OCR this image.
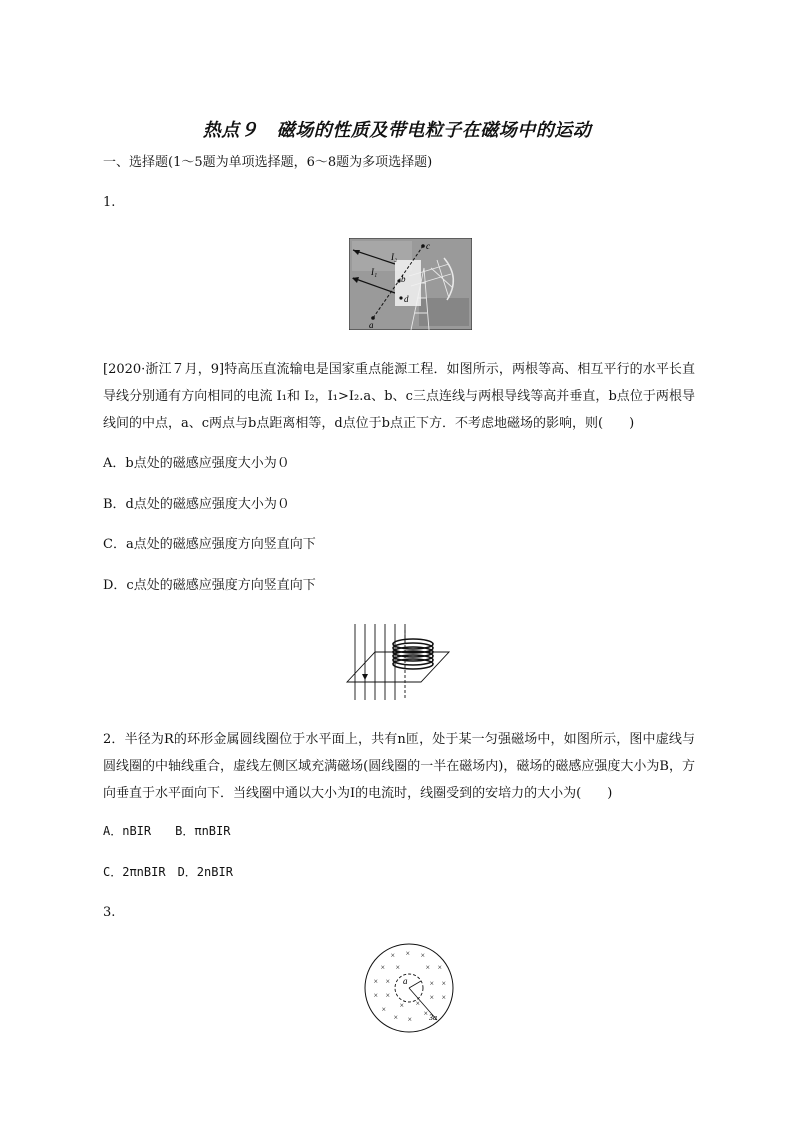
热点９　磁场的性质及带电粒子在磁场中的运动
一、选择题(1～5题为单项选择题，6～8题为多项选择题)
1.
c
I₂
b
I₁
d
a
[2020·浙江７月，9]特高压直流输电是国家重点能源工程．如图所示，两根等高、相互平行的水平长直导线分别通有方向相同的电流 I₁和 I₂，I₁>I₂.a、b、c三点连线与两根导线等高并垂直，b点位于两根导线间的中点，a、c两点与b点距离相等，d点位于b点正下方．不考虑地磁场的影响，则(　　)
A．b点处的磁感应强度大小为０
B．d点处的磁感应强度大小为０
C．a点处的磁感应强度方向竖直向下
D．c点处的磁感应强度方向竖直向下
2．半径为R的环形金属圆线圈位于水平面上，共有n匝，处于某一匀强磁场中，如图所示，图中虚线与圆线圈的中轴线重合，虚线左侧区域充满磁场(圆线圈的一半在磁场内)，磁场的磁感应强度大小为B，方向垂直于水平面向下．当线圈中通以大小为I的电流时，线圈受到的安培力的大小为(　　)
A．nBIR　　B．πnBIR
C．2πnBIR　D．2nBIR
3.
× × ×
× ×	× ×
× ×	× ×
× ×
× ×
× ×
×
× ×
×
a
3a
